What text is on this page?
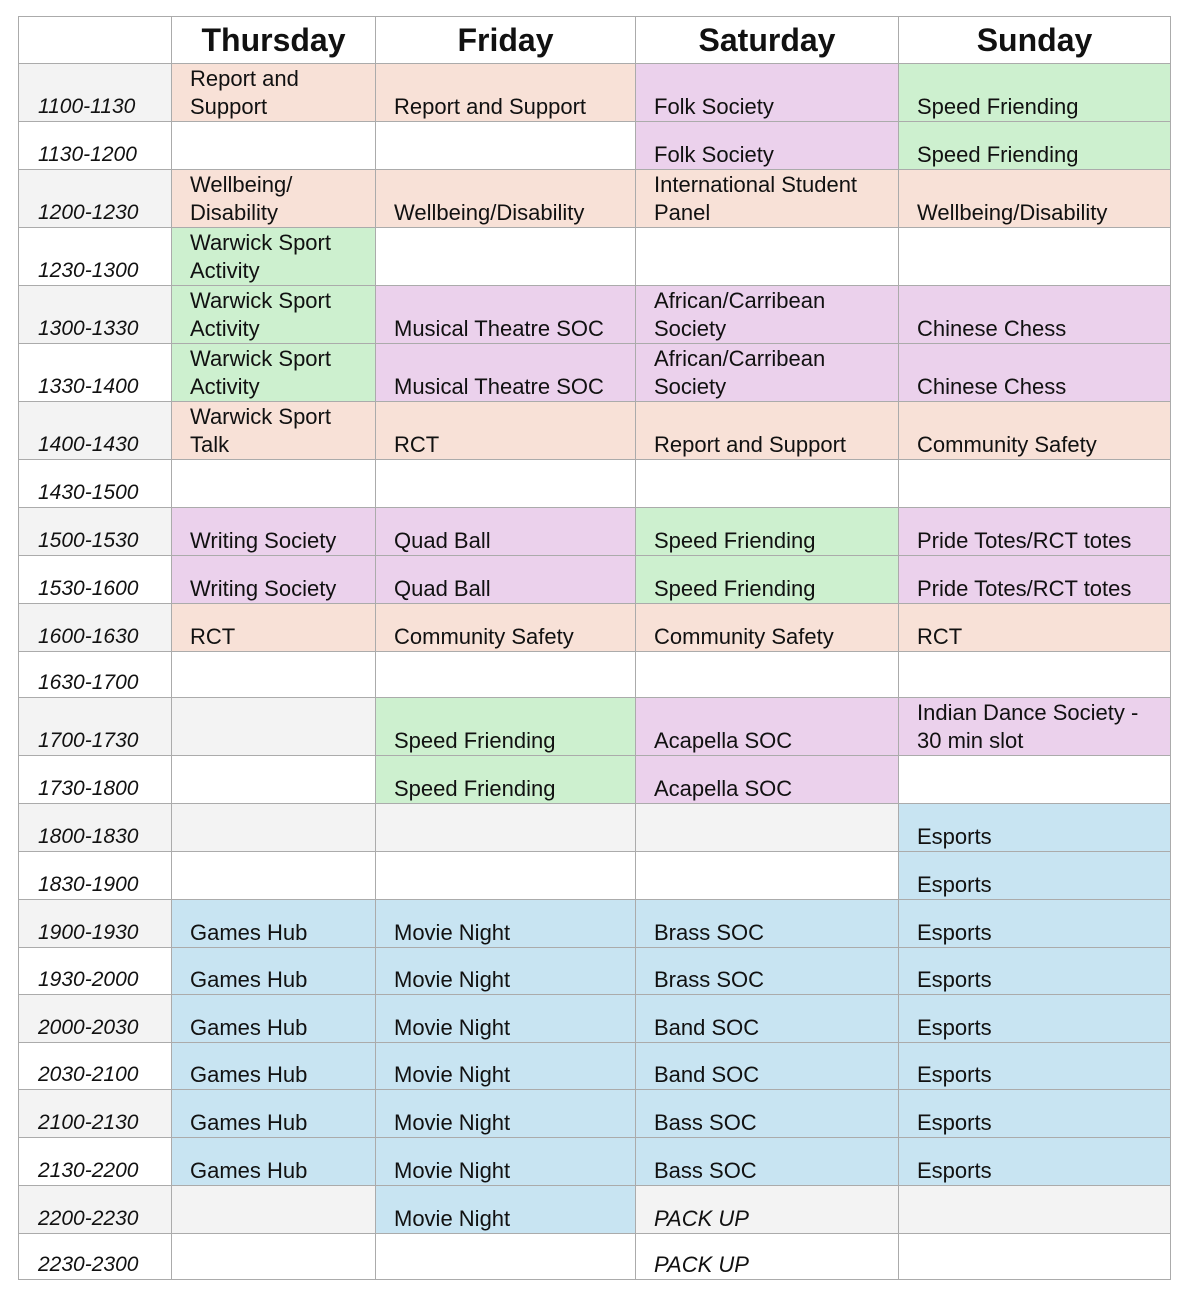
	Thursday	Friday	Saturday	Sunday
1100-1130	Report and Support	Report and Support	Folk Society	Speed Friending
1130-1200			Folk Society	Speed Friending
1200-1230	Wellbeing/ Disability	Wellbeing/Disability	International Student Panel	Wellbeing/Disability
1230-1300	Warwick Sport Activity			
1300-1330	Warwick Sport Activity	Musical Theatre SOC	African/Carribean Society	Chinese Chess
1330-1400	Warwick Sport Activity	Musical Theatre SOC	African/Carribean Society	Chinese Chess
1400-1430	Warwick Sport Talk	RCT	Report and Support	Community Safety
1430-1500				
1500-1530	Writing Society	Quad Ball	Speed Friending	Pride Totes/RCT totes
1530-1600	Writing Society	Quad Ball	Speed Friending	Pride Totes/RCT totes
1600-1630	RCT	Community Safety	Community Safety	RCT
1630-1700				
1700-1730		Speed Friending	Acapella SOC	Indian Dance Society - 30 min slot
1730-1800		Speed Friending	Acapella SOC	
1800-1830				Esports
1830-1900				Esports
1900-1930	Games Hub	Movie Night	Brass SOC	Esports
1930-2000	Games Hub	Movie Night	Brass SOC	Esports
2000-2030	Games Hub	Movie Night	Band SOC	Esports
2030-2100	Games Hub	Movie Night	Band SOC	Esports
2100-2130	Games Hub	Movie Night	Bass SOC	Esports
2130-2200	Games Hub	Movie Night	Bass SOC	Esports
2200-2230		Movie Night	PACK UP	
2230-2300			PACK UP	
